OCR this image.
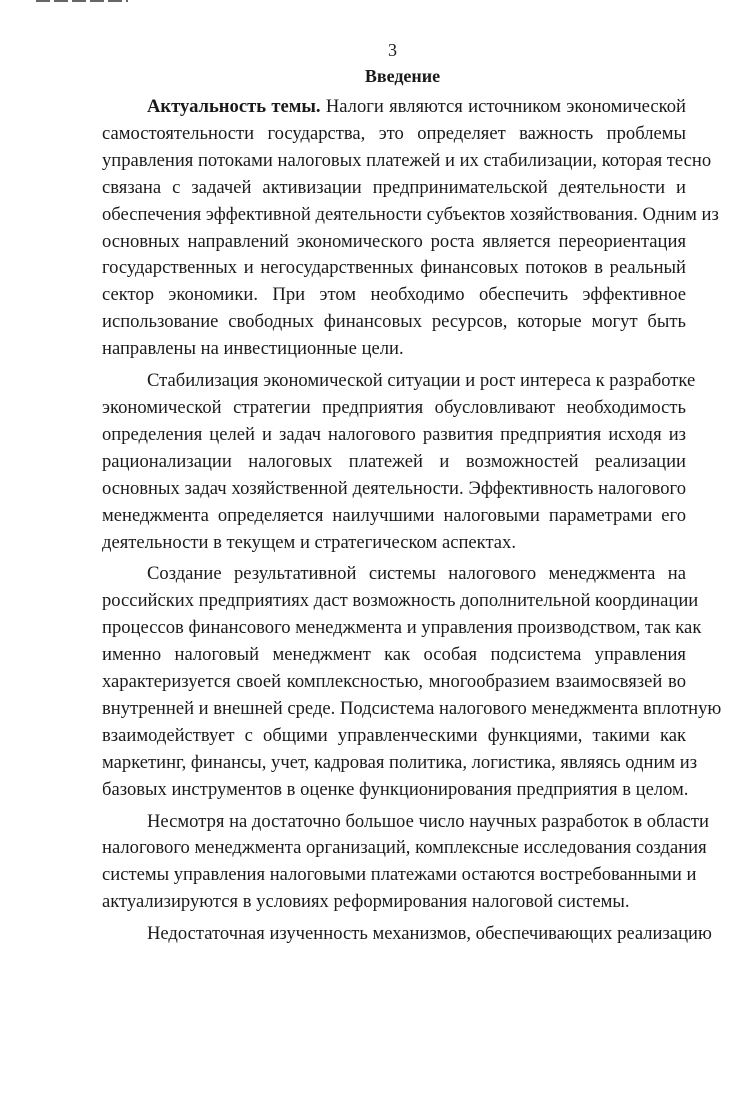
3
Введение
Актуальность темы. Налоги являются источником экономической
самостоятельности государства, это определяет важность проблемы
управления потоками налоговых платежей и их стабилизации, которая тесно
связана с задачей активизации предпринимательской деятельности и
обеспечения эффективной деятельности субъектов хозяйствования. Одним из
основных направлений экономического роста является переориентация
государственных и негосударственных финансовых потоков в реальный
сектор экономики. При этом необходимо обеспечить эффективное
использование свободных финансовых ресурсов, которые могут быть
направлены на инвестиционные цели.
Стабилизация экономической ситуации и рост интереса к разработке
экономической стратегии предприятия обусловливают необходимость
определения целей и задач налогового развития предприятия исходя из
рационализации налоговых платежей и возможностей реализации
основных задач хозяйственной деятельности. Эффективность налогового
менеджмента определяется наилучшими налоговыми параметрами его
деятельности в текущем и стратегическом аспектах.
Создание результативной системы налогового менеджмента на
российских предприятиях даст возможность дополнительной координации
процессов финансового менеджмента и управления производством, так как
именно налоговый менеджмент как особая подсистема управления
характеризуется своей комплексностью, многообразием взаимосвязей во
внутренней и внешней среде. Подсистема налогового менеджмента вплотную
взаимодействует с общими управленческими функциями, такими как
маркетинг, финансы, учет, кадровая политика, логистика, являясь одним из
базовых инструментов в оценке функционирования предприятия в целом.
Несмотря на достаточно большое число научных разработок в области
налогового менеджмента организаций, комплексные исследования создания
системы управления налоговыми платежами остаются востребованными и
актуализируются в условиях реформирования налоговой системы.
Недостаточная изученность механизмов, обеспечивающих реализацию
